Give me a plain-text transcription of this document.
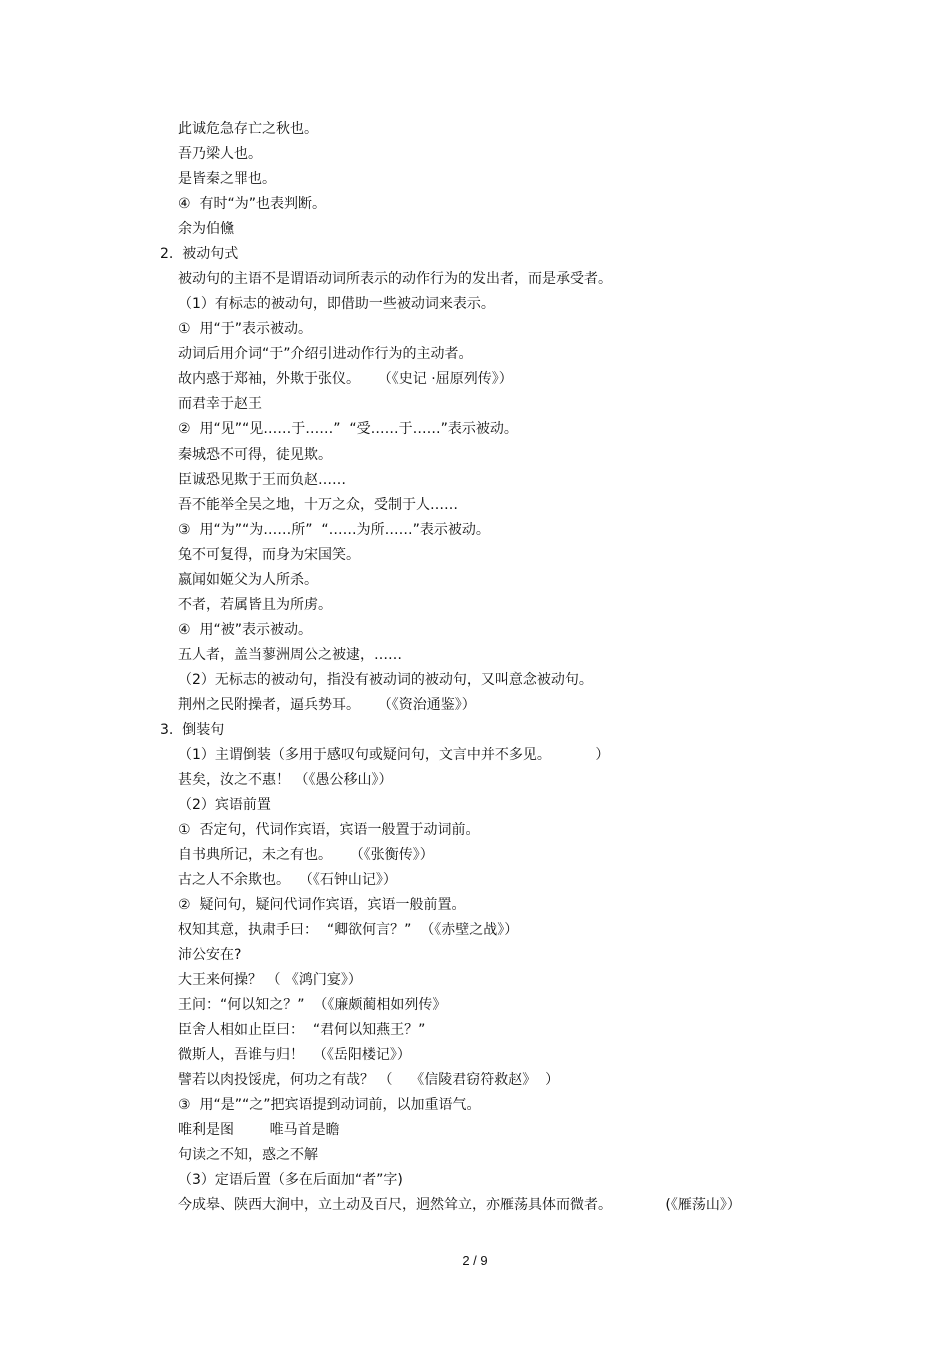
此诚危急存亡之秋也。
吾乃梁人也。
是皆秦之罪也。
④  有时“为”也表判断。
余为伯儵
2.  被动句式
被动句的主语不是谓语动词所表示的动作行为的发出者，而是承受者。
（1）有标志的被动句，即借助一些被动词来表示。
①  用“于”表示被动。
动词后用介词“于”介绍引进动作行为的主动者。
故内惑于郑袖，外欺于张仪。    （《史记 ·屈原列传》）
而君幸于赵王
②  用“见”“见……于……”  “受……于……”表示被动。
秦城恐不可得，徒见欺。
臣诚恐见欺于王而负赵……
吾不能举全吴之地，十万之众，受制于人……
③  用“为”“为……所”  “……为所……”表示被动。
兔不可复得，而身为宋国笑。
嬴闻如姬父为人所杀。
不者，若属皆且为所虏。
④  用“被”表示被动。
五人者，盖当蓼洲周公之被逮，……
（2）无标志的被动句，指没有被动词的被动句，又叫意念被动句。
荆州之民附操者，逼兵势耳。    （《资治通鉴》）
3.  倒装句
（1）主谓倒装（多用于感叹句或疑问句，文言中并不多见。          ）
甚矣，汝之不惠！ （《愚公移山》）
（2）宾语前置
①  否定句，代词作宾语，宾语一般置于动词前。
自书典所记，未之有也。    （《张衡传》）
古之人不余欺也。  （《石钟山记》）
②  疑问句，疑问代词作宾语，宾语一般前置。
权知其意，执肃手曰：  “卿欲何言？”  （《赤壁之战》）
沛公安在?
大王来何操？ （ 《鸿门宴》）
王问：“何以知之？”  （《廉颇蔺相如列传》
臣舍人相如止臣曰：  “君何以知燕王？”
微斯人，吾谁与归！  （《岳阳楼记》）
譬若以肉投馁虎，何功之有哉？ （    《信陵君窃符救赵》  ）
③  用“是”“之”把宾语提到动词前，以加重语气。
唯利是图        唯马首是瞻
句读之不知，惑之不解
（3）定语后置（多在后面加“者”字)
今成皋、陕西大涧中，立土动及百尺，迥然耸立，亦雁荡具体而微者。            (《雁荡山》）
2 / 9
